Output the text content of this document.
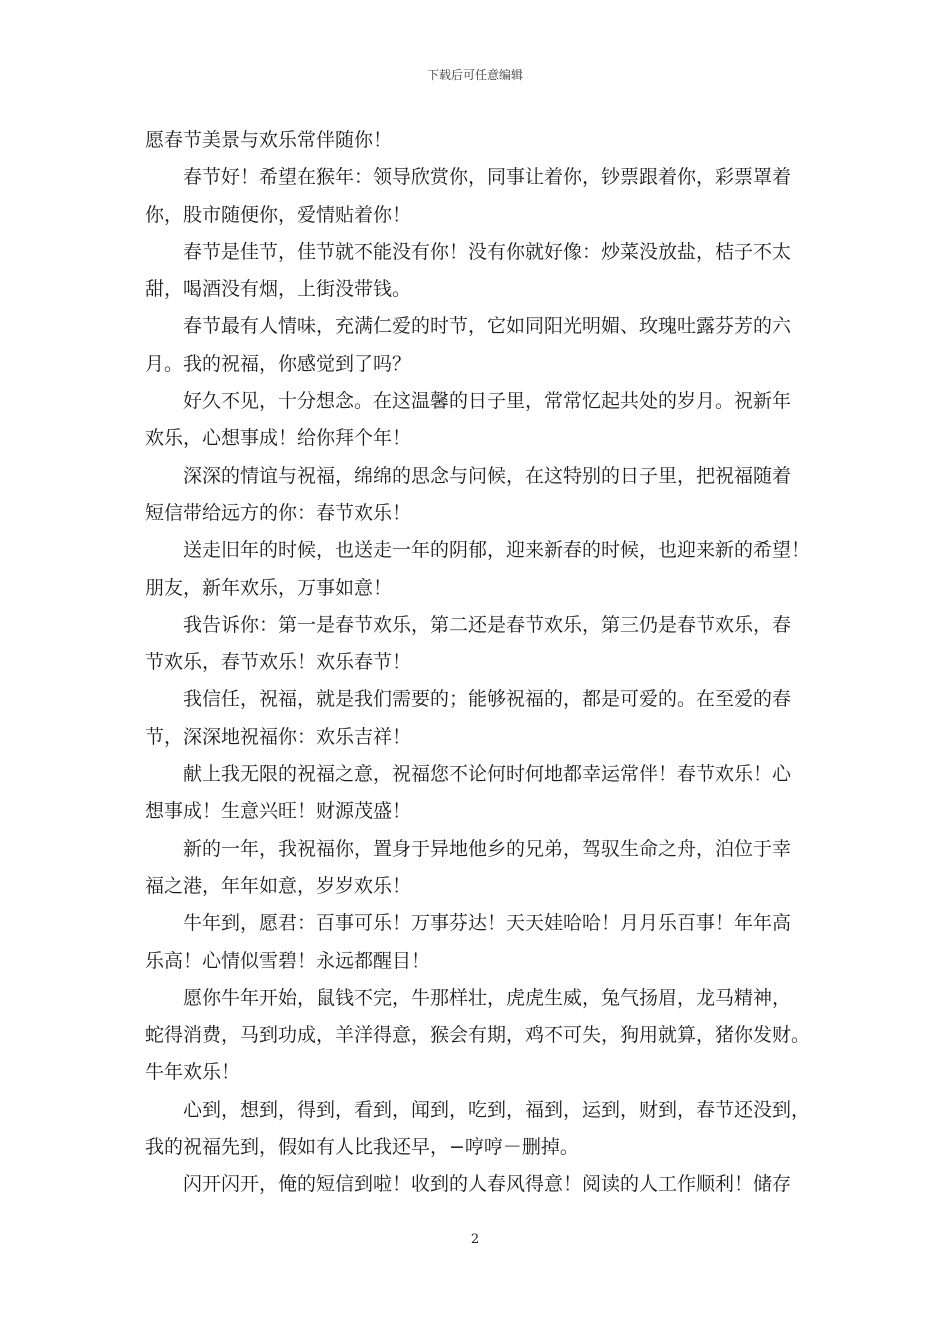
下载后可任意编辑
愿春节美景与欢乐常伴随你！
春节好！希望在猴年：领导欣赏你，同事让着你，钞票跟着你，彩票罩着
你，股市随便你，爱情贴着你！
春节是佳节，佳节就不能没有你！没有你就好像：炒菜没放盐，桔子不太
甜，喝酒没有烟，上街没带钱。
春节最有人情味，充满仁爱的时节，它如同阳光明媚、玫瑰吐露芬芳的六
月。我的祝福，你感觉到了吗？
好久不见，十分想念。在这温馨的日子里，常常忆起共处的岁月。祝新年
欢乐，心想事成！给你拜个年！
深深的情谊与祝福，绵绵的思念与问候，在这特别的日子里，把祝福随着
短信带给远方的你：春节欢乐！
送走旧年的时候，也送走一年的阴郁，迎来新春的时候，也迎来新的希望！
朋友，新年欢乐，万事如意！
我告诉你：第一是春节欢乐，第二还是春节欢乐，第三仍是春节欢乐，春
节欢乐，春节欢乐！欢乐春节！
我信任，祝福，就是我们需要的；能够祝福的，都是可爱的。在至爱的春
节，深深地祝福你：欢乐吉祥！
献上我无限的祝福之意，祝福您不论何时何地都幸运常伴！春节欢乐！心
想事成！生意兴旺！财源茂盛！
新的一年，我祝福你，置身于异地他乡的兄弟，驾驭生命之舟，泊位于幸
福之港，年年如意，岁岁欢乐！
牛年到，愿君：百事可乐！万事芬达！天天娃哈哈！月月乐百事！年年高
乐高！心情似雪碧！永远都醒目！
愿你牛年开始，鼠钱不完，牛那样壮，虎虎生威，兔气扬眉，龙马精神，
蛇得消费，马到功成，羊洋得意，猴会有期，鸡不可失，狗用就算，猪你发财。
牛年欢乐！
心到，想到，得到，看到，闻到，吃到，福到，运到，财到，春节还没到，
我的祝福先到，假如有人比我还早，−哼哼－删掉。
闪开闪开，俺的短信到啦！收到的人春风得意！阅读的人工作顺利！储存
2
